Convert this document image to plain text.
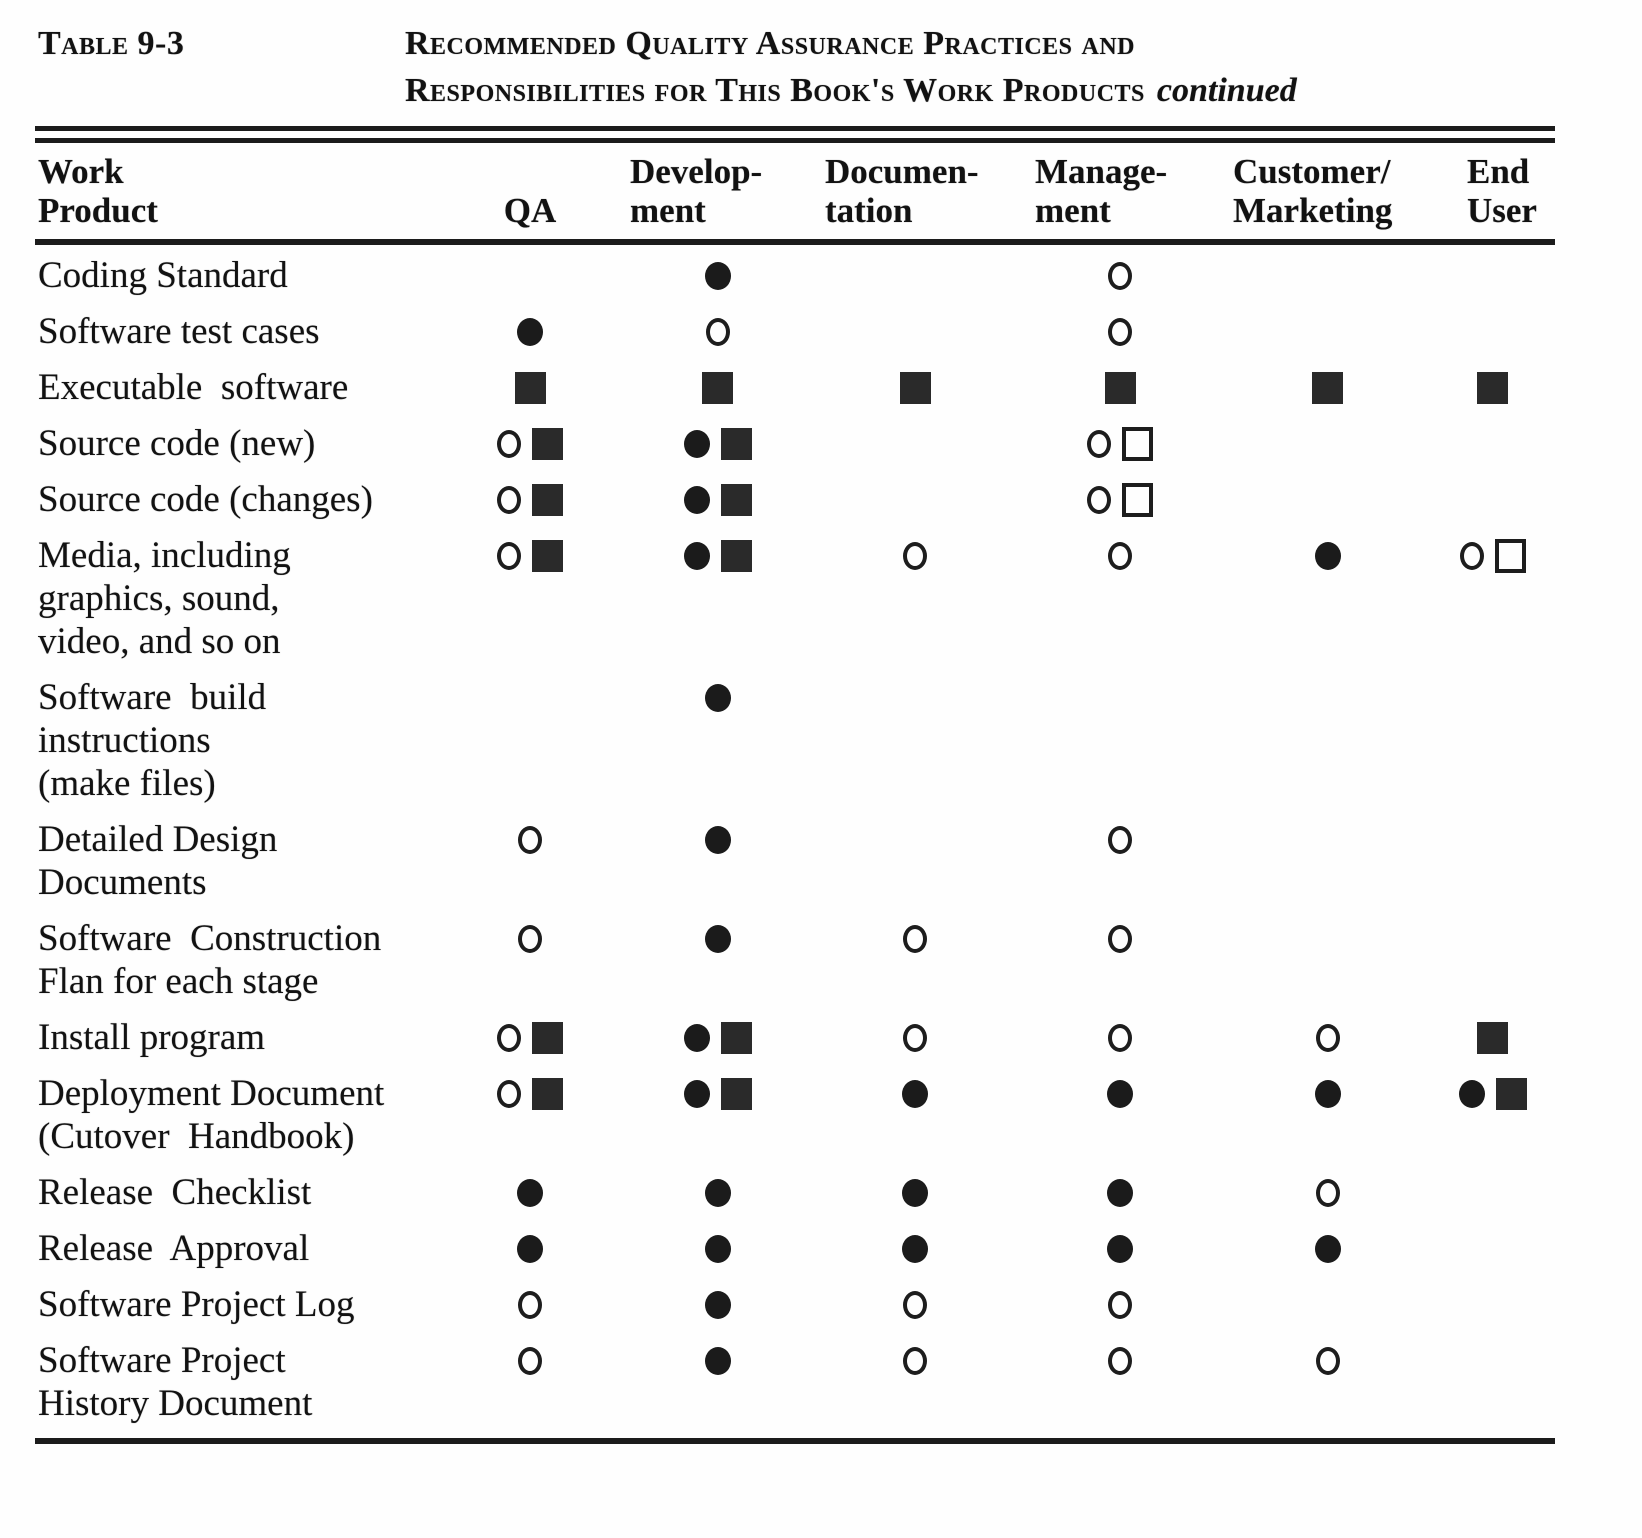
Table 9-3	Recommended Quality Assurance Practices and
Responsibilities for This Book's Work Products continued
Work
Product	QA
Develop-
ment
Documen-
tation
Manage-
ment
Customer/
Marketing
End
User
Coding Standard
Software test cases
Executable  software
Source code (new)
Source code (changes)
Media, including
graphics, sound,
video, and so on
Software  build
instructions
(make files)
Detailed Design
Documents
Software  Construction
Flan for each stage
Install program
Deployment Document
(Cutover  Handbook)
Release  Checklist
Release  Approval
Software Project Log
Software Project
History Document
